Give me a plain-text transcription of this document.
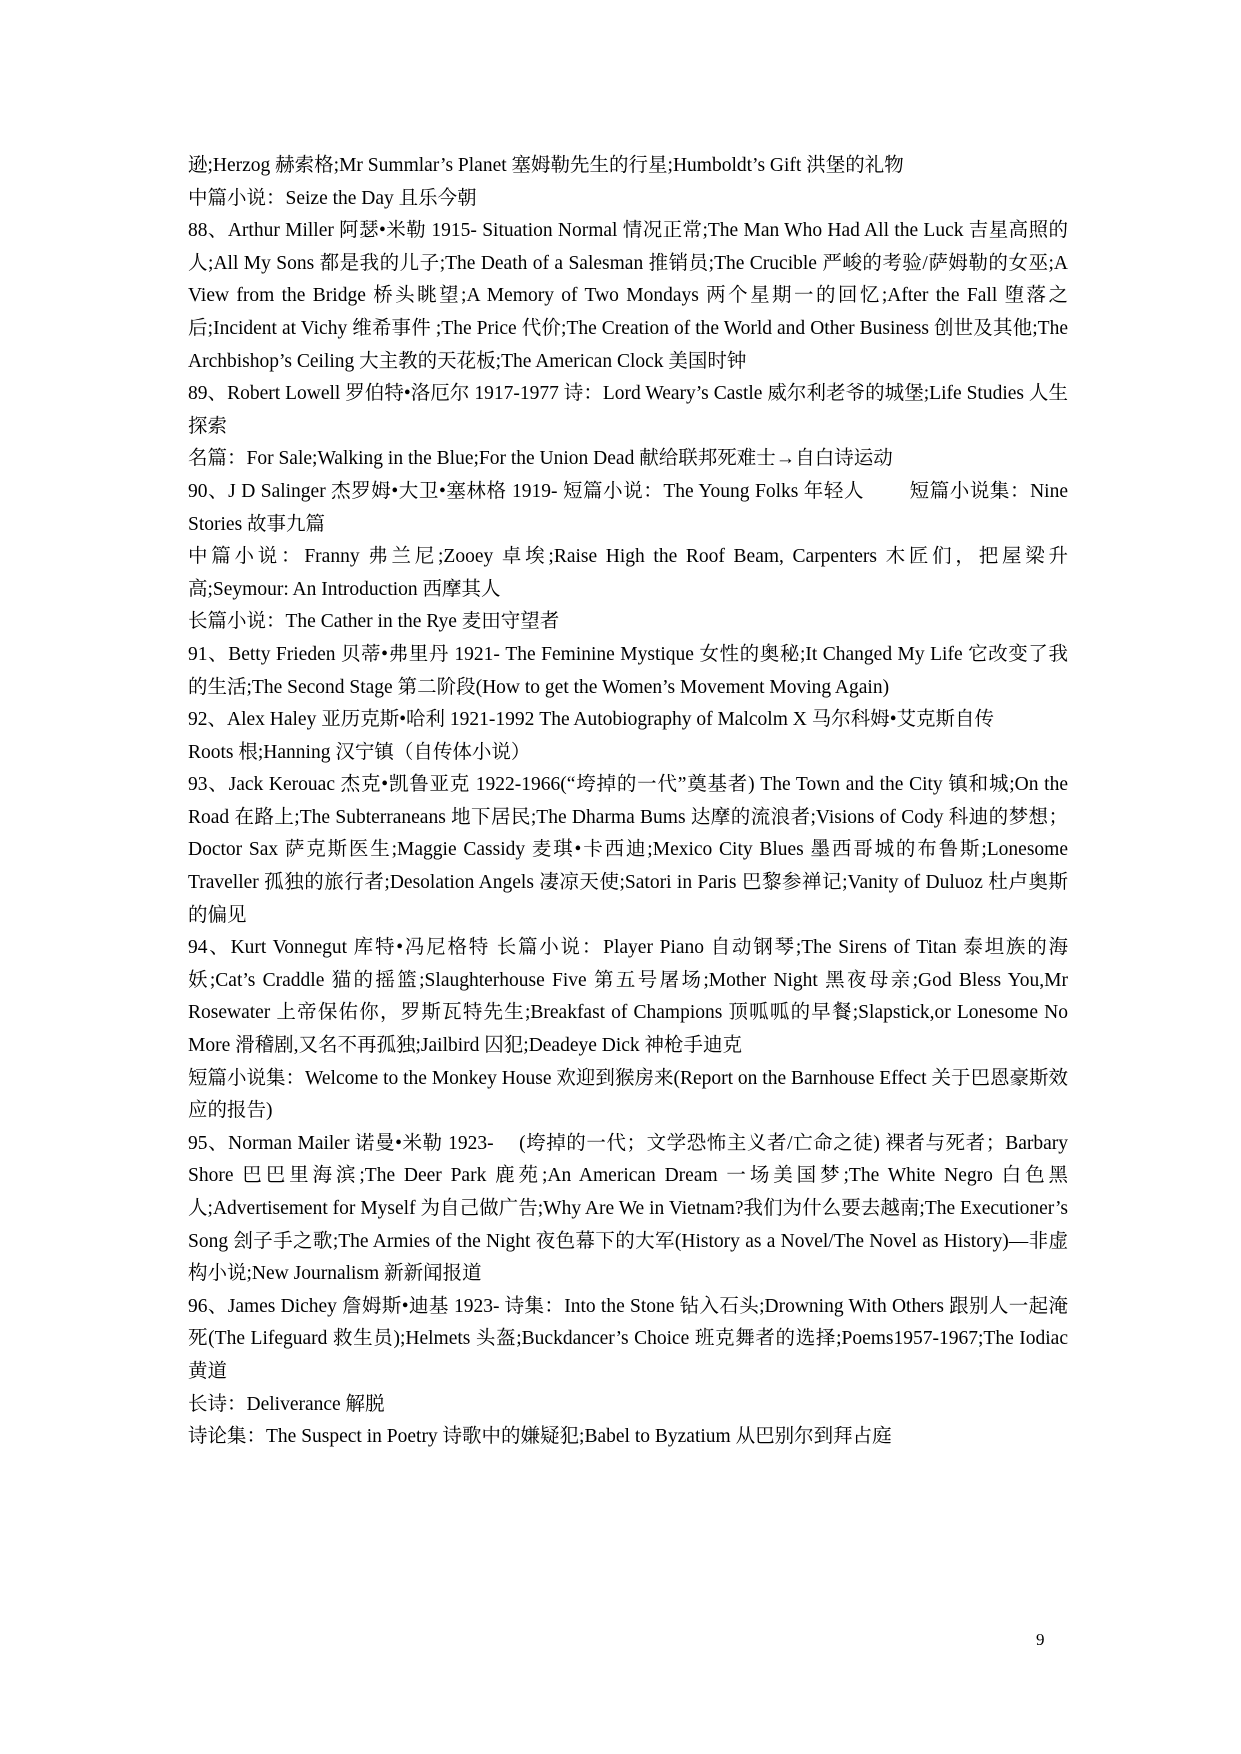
逊;Herzog 赫索格;Mr Summlar’s Planet 塞姆勒先生的行星;Humboldt’s Gift 洪堡的礼物

中篇小说：Seize the Day 且乐今朝

88、Arthur Miller 阿瑟•米勒 1915- Situation Normal 情况正常;The Man Who Had All the Luck 吉星高照的人;All My Sons 都是我的儿子;The Death of a Salesman 推销员;The Crucible 严峻的考验/萨姆勒的女巫;A View from the Bridge 桥头眺望;A Memory of Two Mondays 两个星期一的回忆;After the Fall 堕落之后;Incident at Vichy 维希事件 ;The Price 代价;The Creation of the World and Other Business 创世及其他;The Archbishop’s Ceiling 大主教的天花板;The American Clock 美国时钟

89、Robert Lowell 罗伯特•洛厄尔 1917-1977 诗：Lord Weary’s Castle 威尔利老爷的城堡;Life Studies 人生探索

名篇：For Sale;Walking in the Blue;For the Union Dead 献给联邦死难士→自白诗运动

90、J D Salinger 杰罗姆•大卫•塞林格 1919- 短篇小说：The Young Folks 年轻人　　 短篇小说集：Nine Stories 故事九篇

中篇小说：Franny 弗兰尼;Zooey 卓埃;Raise High the Roof Beam, Carpenters 木匠们，把屋梁升高;Seymour: An Introduction 西摩其人

长篇小说：The Cather in the Rye 麦田守望者

91、Betty Frieden 贝蒂•弗里丹 1921- The Feminine Mystique 女性的奥秘;It Changed My Life 它改变了我的生活;The Second Stage 第二阶段(How to get the Women’s Movement Moving Again)

92、Alex Haley 亚历克斯•哈利 1921-1992 The Autobiography of Malcolm X 马尔科姆•艾克斯自传

Roots 根;Hanning 汉宁镇（自传体小说）

93、Jack Kerouac 杰克•凯鲁亚克 1922-1966(“垮掉的一代”奠基者) The Town and the City 镇和城;On the Road 在路上;The Subterraneans 地下居民;The Dharma Bums 达摩的流浪者;Visions of Cody 科迪的梦想；Doctor Sax 萨克斯医生;Maggie Cassidy 麦琪•卡西迪;Mexico City Blues 墨西哥城的布鲁斯;Lonesome Traveller 孤独的旅行者;Desolation Angels 凄凉天使;Satori in Paris 巴黎参禅记;Vanity of Duluoz 杜卢奥斯的偏见

94、Kurt Vonnegut 库特•冯尼格特 长篇小说：Player Piano 自动钢琴;The Sirens of Titan 泰坦族的海妖;Cat’s Craddle 猫的摇篮;Slaughterhouse Five 第五号屠场;Mother Night 黑夜母亲;God Bless You,Mr Rosewater 上帝保佑你，罗斯瓦特先生;Breakfast of Champions 顶呱呱的早餐;Slapstick,or Lonesome No More 滑稽剧,又名不再孤独;Jailbird 囚犯;Deadeye Dick 神枪手迪克

短篇小说集：Welcome to the Monkey House 欢迎到猴房来(Report on the Barnhouse Effect 关于巴恩豪斯效应的报告)

95、Norman Mailer 诺曼•米勒 1923- 　(垮掉的一代；文学恐怖主义者/亡命之徒) 裸者与死者；Barbary Shore 巴巴里海滨;The Deer Park 鹿苑;An American Dream 一场美国梦;The White Negro 白色黑人;Advertisement for Myself 为自己做广告;Why Are We in Vietnam?我们为什么要去越南;The Executioner’s Song 刽子手之歌;The Armies of the Night 夜色幕下的大军(History as a Novel/The Novel as History)—非虚构小说;New Journalism 新新闻报道

96、James Dichey 詹姆斯•迪基 1923- 诗集：Into the Stone 钻入石头;Drowning With Others 跟别人一起淹死(The Lifeguard 救生员);Helmets 头盔;Buckdancer’s Choice 班克舞者的选择;Poems1957-1967;The Iodiac 黄道

长诗：Deliverance 解脱

诗论集：The Suspect in Poetry 诗歌中的嫌疑犯;Babel to Byzatium 从巴别尔到拜占庭

9
